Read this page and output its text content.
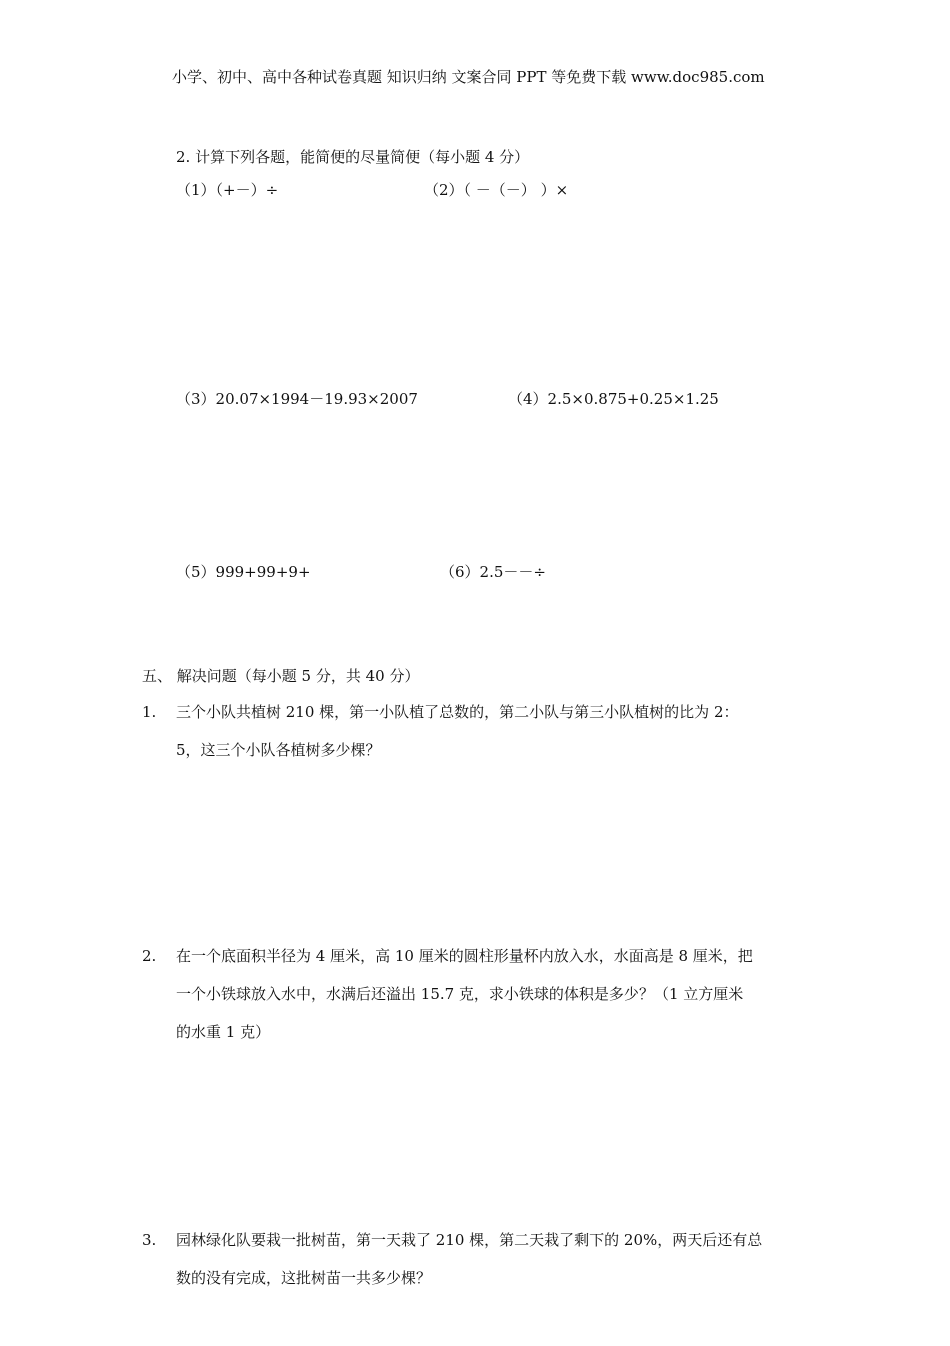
小学、初中、高中各种试卷真题 知识归纳 文案合同 PPT 等免费下载 www.doc985.com
2. 计算下列各题，能简便的尽量简便（每小题 4 分）
（1）（+－）÷	（2）（ －（－） ）×
（3）20.07×1994－19.93×2007	（4）2.5×0.875+0.25×1.25
（5）999+99+9+	（6）2.5－－÷
五、 解决问题（每小题 5 分，共 40 分）
1. 三个小队共植树 210 棵，第一小队植了总数的，第二小队与第三小队植树的比为 2：
5，这三个小队各植树多少棵？
2. 在一个底面积半径为 4 厘米，高 10 厘米的圆柱形量杯内放入水，水面高是 8 厘米，把
一个小铁球放入水中，水满后还溢出 15.7 克，求小铁球的体积是多少？（1 立方厘米
的水重 1 克）
3. 园林绿化队要栽一批树苗，第一天栽了 210 棵，第二天栽了剩下的 20%，两天后还有总
数的没有完成，这批树苗一共多少棵？
